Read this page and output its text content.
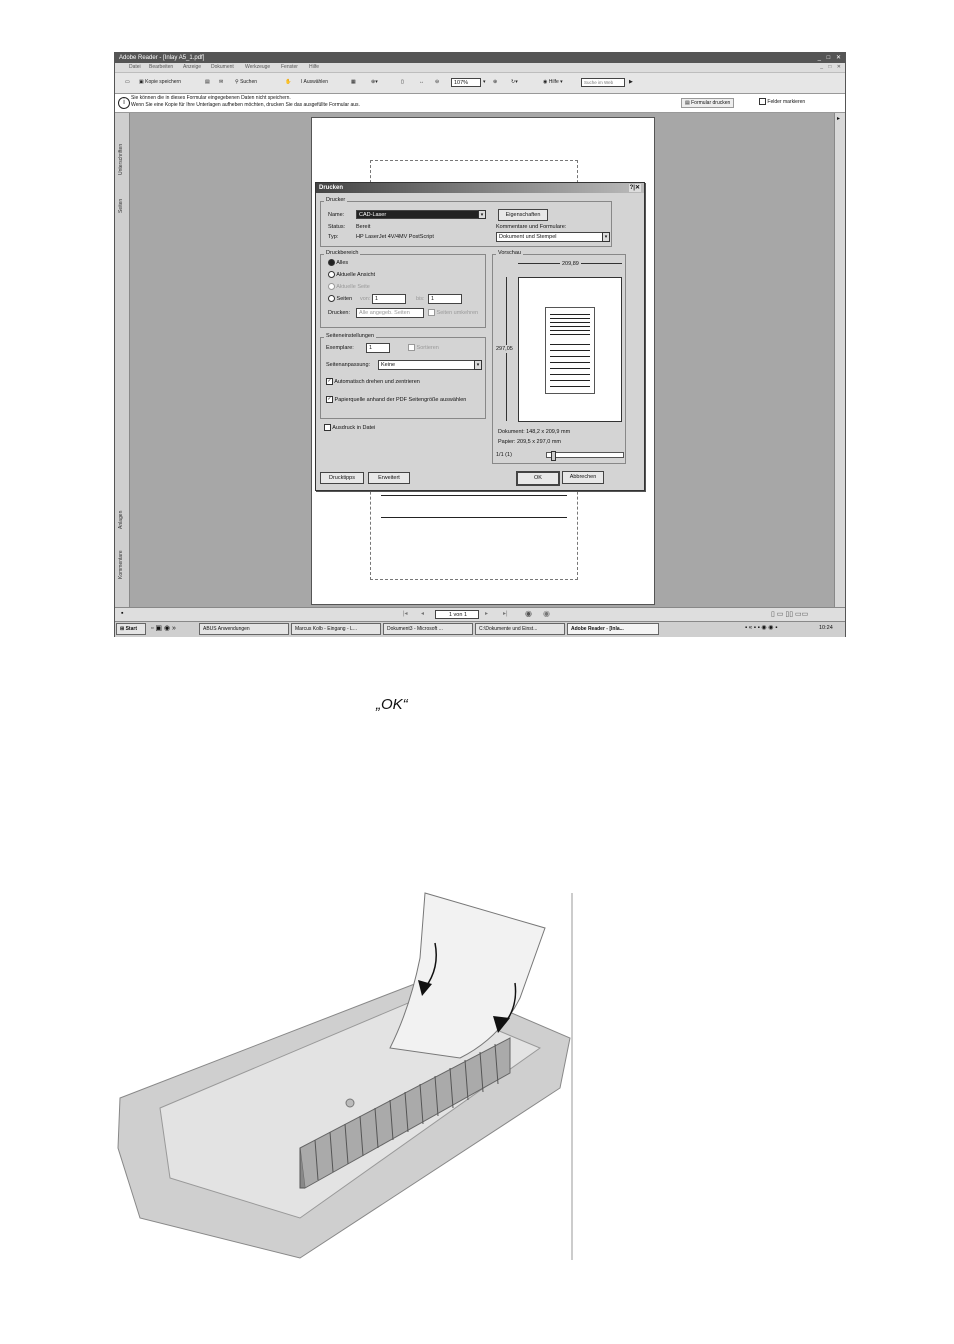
Adobe Reader - [Inlay A5_1.pdf]	_ □ ✕
Datei Bearbeiten Anzeige Dokument Werkzeuge Fenster Hilfe	_ □ ✕
▭ ▣ Kopie speichern	▤ ✉ ⚲ Suchen	✋ I Auswählen	▦	⊕▾	▯	↔ ⊖	107%	▾ ⊕	↻▾	◉ Hilfe ▾	Suche im Web	▶
i
Sie können die in dieses Formular eingegebenen Daten nicht speichern.
Wenn Sie eine Kopie für Ihre Unterlagen aufheben möchten, drucken Sie das ausgefüllte Formular aus.	▤ Formular drucken	Felder markieren
Unterschriften
Seiten
Anlagen
Kommentare
▸
▪	|◂ ◂	1 von 1	▸ ▸| ◉ ◉	▯ ▭ ▯▯ ▭▭
⊞ Start	▫ ▣ ◉ »	ABUS Anwendungen	Marcus Kolb - Eingang - L...	Dokument3 - Microsoft ...	C:\Dokumente und Einst...	Adobe Reader - [Inla...	▪ « ▪ ▪ ◉ ◉ ▪	10:24
Drucken	?|✕
Drucker
Name:	CAD-Laser	▾
Status: Bereit
Typ:	HP LaserJet 4V/4MV PostScript
Eigenschaften
Kommentare und Formulare:
Dokument und Stempel	▾
Druckbereich
Alles
Aktuelle Ansicht
Aktuelle Seite
Seiten von: 1	bis:	1
Drucken:	Alle angegeb. Seiten	Seiten umkehren
Seiteneinstellungen
Exemplare:	1	Sortieren
Seitenanpassung:	Keine	▾
✓ Automatisch drehen und zentrieren
✓ Papierquelle anhand der PDF Seitengröße auswählen
Ausdruck in Datei
Vorschau
209,89
297,05
Dokument: 148,2 x 209,9 mm
Papier: 209,5 x 297,0 mm
1/1 (1)
Drucktipps	Erweitert	OK	Abbrechen
„OK“
